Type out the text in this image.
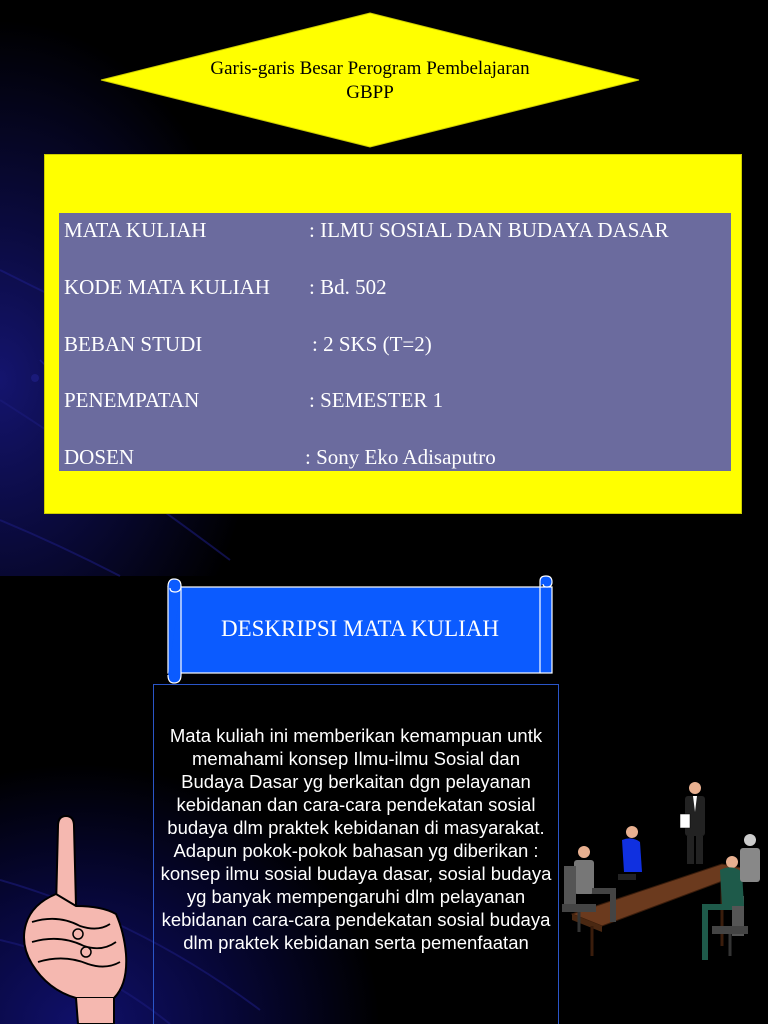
Garis-garis Besar Perogram Pembelajaran
GBPP
MATA KULIAH	: ILMU SOSIAL DAN BUDAYA DASAR
KODE MATA KULIAH : Bd. 502
BEBAN STUDI	: 2 SKS (T=2)
PENEMPATAN	: SEMESTER 1
DOSEN	: Sony Eko Adisaputro
DESKRIPSI MATA KULIAH
Mata kuliah ini memberikan kemampuan untk memahami konsep Ilmu-ilmu Sosial dan Budaya Dasar yg berkaitan dgn pelayanan kebidanan dan cara-cara pendekatan sosial budaya dlm praktek kebidanan di masyarakat. Adapun pokok-pokok bahasan yg diberikan : konsep ilmu sosial budaya dasar, sosial budaya yg banyak mempengaruhi dlm pelayanan kebidanan cara-cara pendekatan sosial budaya dlm praktek kebidanan serta pemenfaatan
